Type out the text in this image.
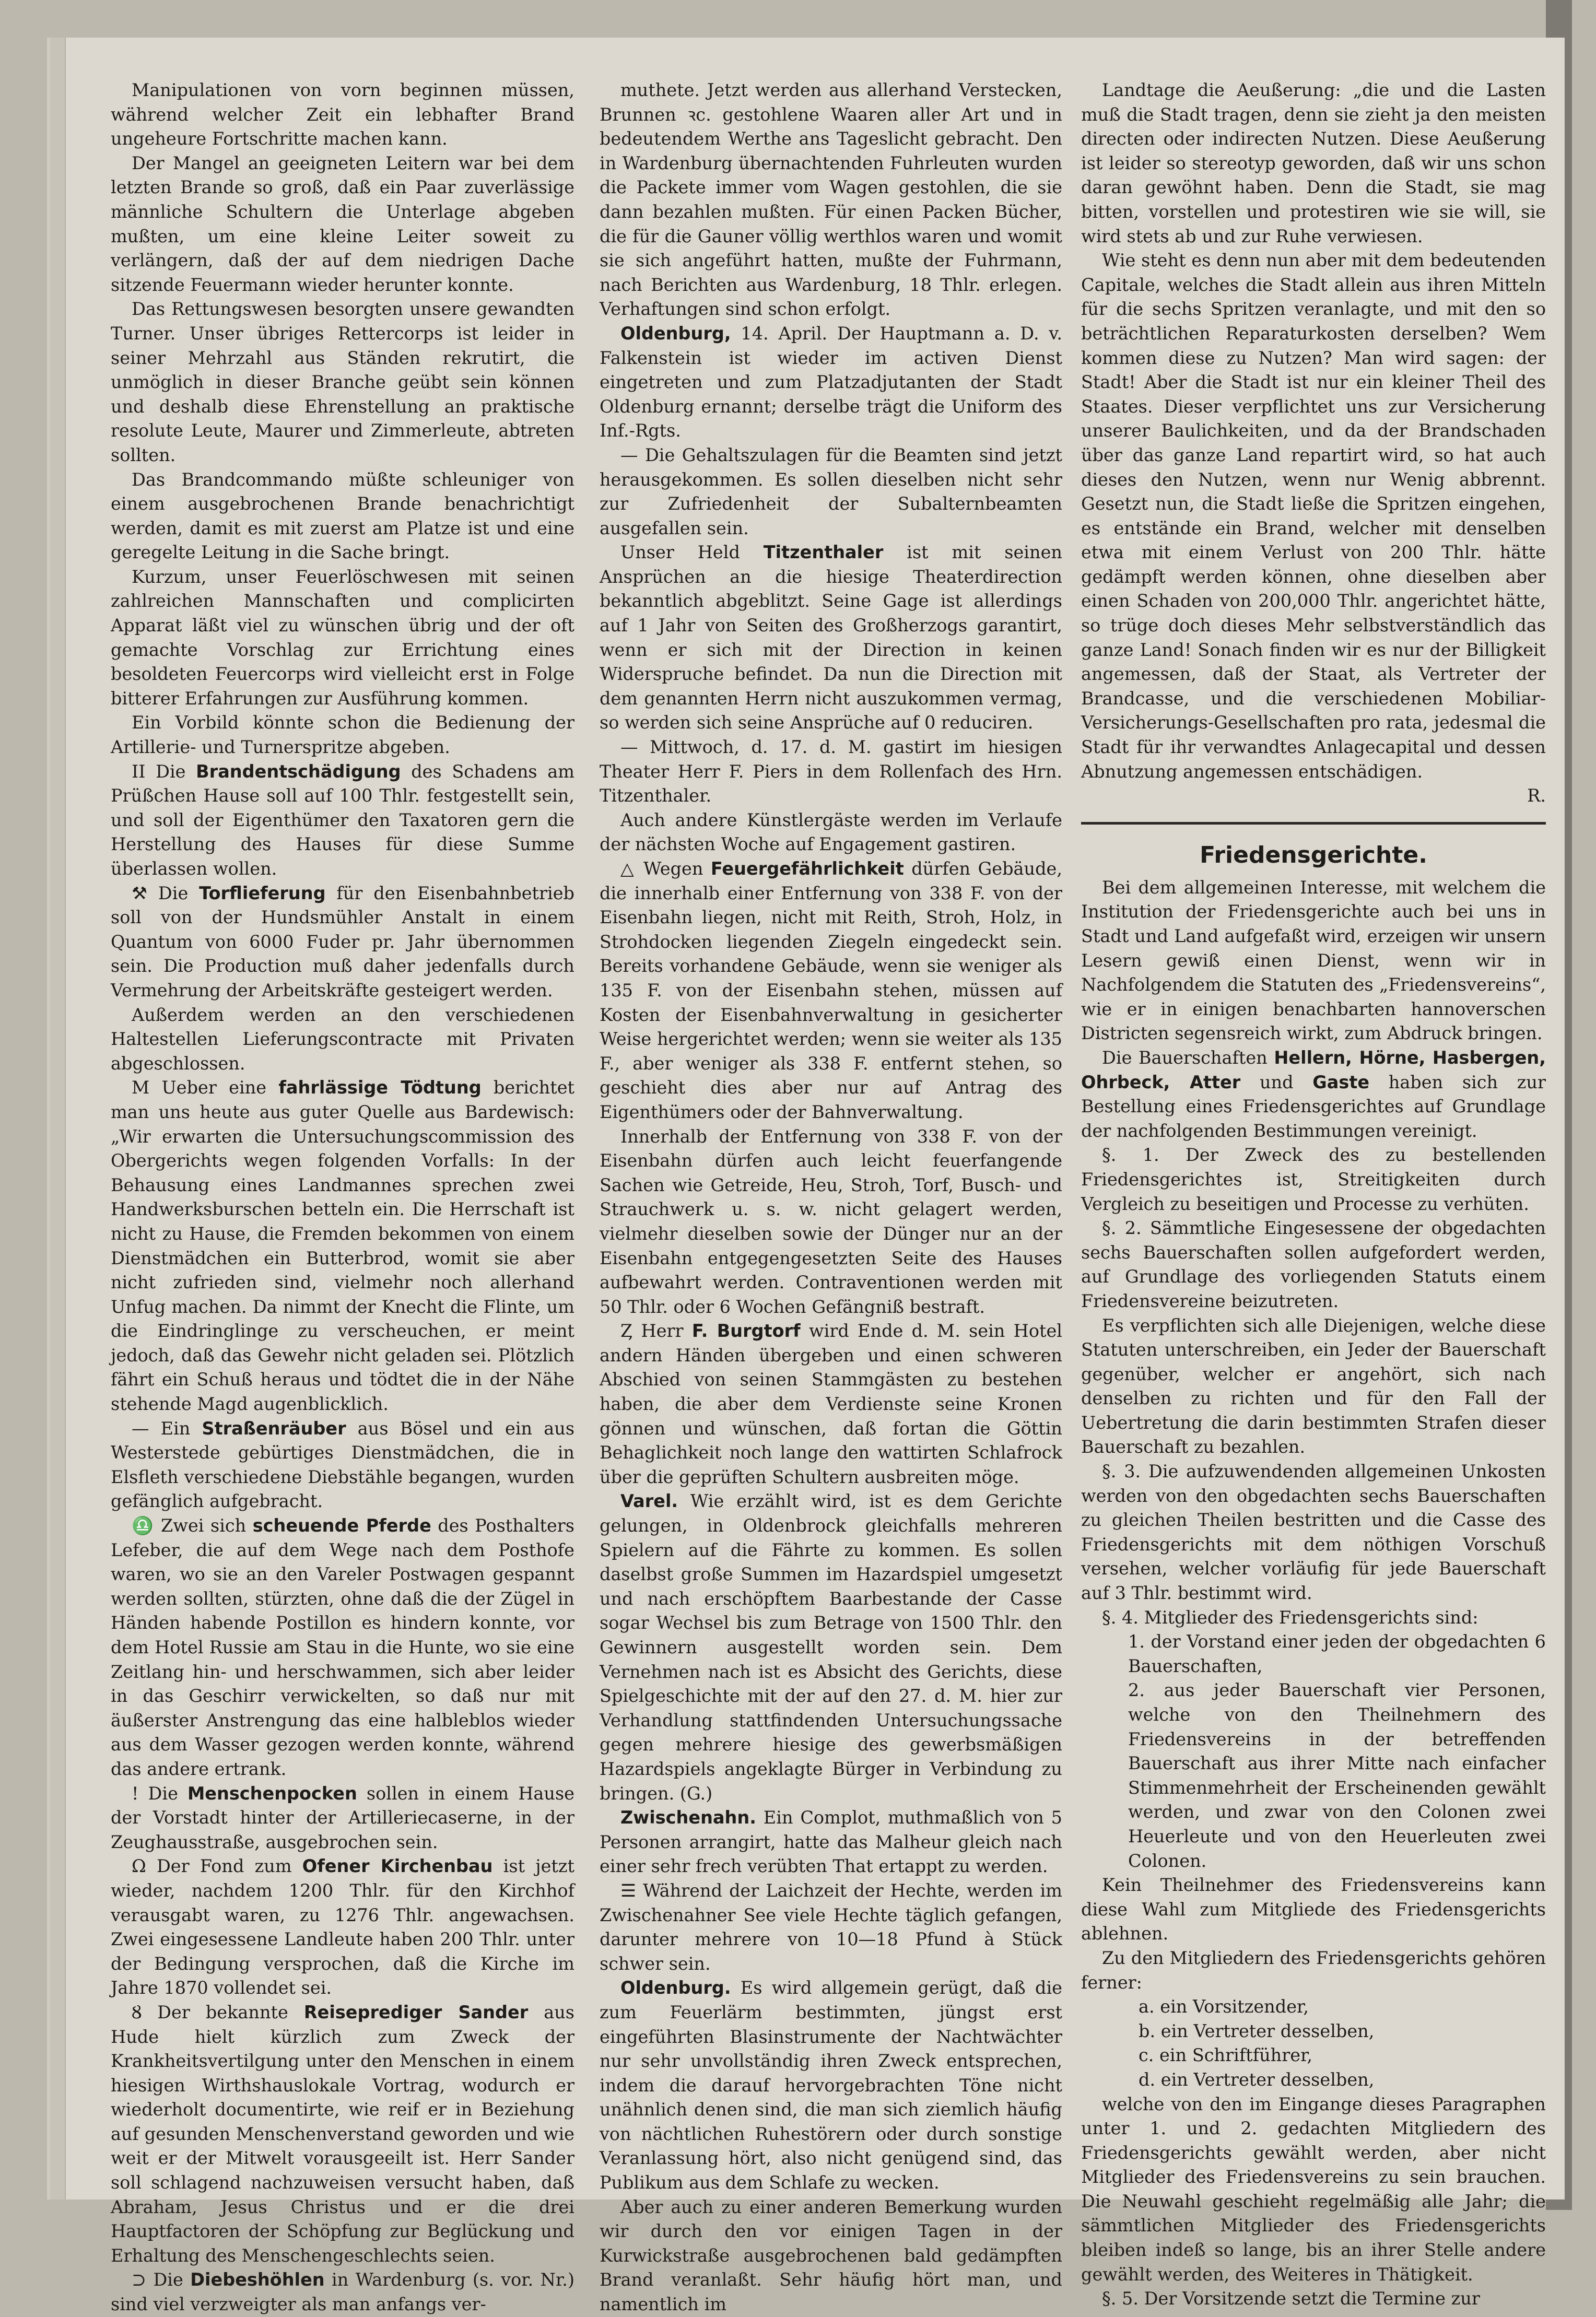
Manipulationen von vorn beginnen müssen, während welcher Zeit ein lebhafter Brand ungeheure Fortschritte machen kann.

Der Mangel an geeigneten Leitern war bei dem letzten Brande so groß, daß ein Paar zuverlässige männliche Schultern die Unterlage abgeben mußten, um eine kleine Leiter soweit zu verlängern, daß der auf dem niedrigen Dache sitzende Feuermann wieder herunter konnte.

Das Rettungswesen besorgten unsere gewandten Turner. Unser übriges Rettercorps ist leider in seiner Mehrzahl aus Ständen rekrutirt, die unmöglich in dieser Branche geübt sein können und deshalb diese Ehrenstellung an praktische resolute Leute, Maurer und Zimmerleute, abtreten sollten.

Das Brandcommando müßte schleuniger von einem ausgebrochenen Brande benachrichtigt werden, damit es mit zuerst am Platze ist und eine geregelte Leitung in die Sache bringt.

Kurzum, unser Feuerlöschwesen mit seinen zahlreichen Mannschaften und complicirten Apparat läßt viel zu wünschen übrig und der oft gemachte Vorschlag zur Errichtung eines besoldeten Feuercorps wird vielleicht erst in Folge bitterer Erfahrungen zur Ausführung kommen.

Ein Vorbild könnte schon die Bedienung der Artillerie- und Turnerspritze abgeben.

II Die Brandentschädigung des Schadens am Prüßchen Hause soll auf 100 Thlr. festgestellt sein, und soll der Eigenthümer den Taxatoren gern die Herstellung des Hauses für diese Summe überlassen wollen.

⚒ Die Torflieferung für den Eisenbahnbetrieb soll von der Hundsmühler Anstalt in einem Quantum von 6000 Fuder pr. Jahr übernommen sein. Die Production muß daher jedenfalls durch Vermehrung der Arbeitskräfte gesteigert werden.

Außerdem werden an den verschiedenen Haltestellen Lieferungscontracte mit Privaten abgeschlossen.

M Ueber eine fahrlässige Tödtung berichtet man uns heute aus guter Quelle aus Bardewisch: „Wir erwarten die Untersuchungscommission des Obergerichts wegen folgenden Vorfalls: In der Behausung eines Landmannes sprechen zwei Handwerksburschen betteln ein. Die Herrschaft ist nicht zu Hause, die Fremden bekommen von einem Dienstmädchen ein Butterbrod, womit sie aber nicht zufrieden sind, vielmehr noch allerhand Unfug machen. Da nimmt der Knecht die Flinte, um die Eindringlinge zu verscheuchen, er meint jedoch, daß das Gewehr nicht geladen sei. Plötzlich fährt ein Schuß heraus und tödtet die in der Nähe stehende Magd augenblicklich.

— Ein Straßenräuber aus Bösel und ein aus Westerstede gebürtiges Dienstmädchen, die in Elsfleth verschiedene Diebstähle begangen, wurden gefänglich aufgebracht.

♎ Zwei sich scheuende Pferde des Posthalters Lefeber, die auf dem Wege nach dem Posthofe waren, wo sie an den Vareler Postwagen gespannt werden sollten, stürzten, ohne daß die der Zügel in Händen habende Postillon es hindern konnte, vor dem Hotel Russie am Stau in die Hunte, wo sie eine Zeitlang hin- und herschwammen, sich aber leider in das Geschirr verwickelten, so daß nur mit äußerster Anstrengung das eine halbleblos wieder aus dem Wasser gezogen werden konnte, während das andere ertrank.

! Die Menschenpocken sollen in einem Hause der Vorstadt hinter der Artilleriecaserne, in der Zeughausstraße, ausgebrochen sein.

Ω Der Fond zum Ofener Kirchenbau ist jetzt wieder, nachdem 1200 Thlr. für den Kirchhof verausgabt waren, zu 1276 Thlr. angewachsen. Zwei eingesessene Landleute haben 200 Thlr. unter der Bedingung versprochen, daß die Kirche im Jahre 1870 vollendet sei.

Ȣ Der bekannte Reiseprediger Sander aus Hude hielt kürzlich zum Zweck der Krankheitsvertilgung unter den Menschen in einem hiesigen Wirthshauslokale Vortrag, wodurch er wiederholt documentirte, wie reif er in Beziehung auf gesunden Menschenverstand geworden und wie weit er der Mitwelt vorausgeeilt ist. Herr Sander soll schlagend nachzuweisen versucht haben, daß Abraham, Jesus Christus und er die drei Hauptfactoren der Schöpfung zur Beglückung und Erhaltung des Menschengeschlechts seien.

⊃ Die Diebeshöhlen in Wardenburg (s. vor. Nr.) sind viel verzweigter als man anfangs ver-

muthete. Jetzt werden aus allerhand Verstecken, Brunnen ꝛc. gestohlene Waaren aller Art und in bedeutendem Werthe ans Tageslicht gebracht. Den in Wardenburg übernachtenden Fuhrleuten wurden die Packete immer vom Wagen gestohlen, die sie dann bezahlen mußten. Für einen Packen Bücher, die für die Gauner völlig werthlos waren und womit sie sich angeführt hatten, mußte der Fuhrmann, nach Berichten aus Wardenburg, 18 Thlr. erlegen. Verhaftungen sind schon erfolgt.

Oldenburg, 14. April. Der Hauptmann a. D. v. Falkenstein ist wieder im activen Dienst eingetreten und zum Platzadjutanten der Stadt Oldenburg ernannt; derselbe trägt die Uniform des Inf.-Rgts.

— Die Gehaltszulagen für die Beamten sind jetzt herausgekommen. Es sollen dieselben nicht sehr zur Zufriedenheit der Subalternbeamten ausgefallen sein.

Unser Held Titzenthaler ist mit seinen Ansprüchen an die hiesige Theaterdirection bekanntlich abgeblitzt. Seine Gage ist allerdings auf 1 Jahr von Seiten des Großherzogs garantirt, wenn er sich mit der Direction in keinen Widerspruche befindet. Da nun die Direction mit dem genannten Herrn nicht auszukommen vermag, so werden sich seine Ansprüche auf 0 reduciren.

— Mittwoch, d. 17. d. M. gastirt im hiesigen Theater Herr F. Piers in dem Rollenfach des Hrn. Titzenthaler.

Auch andere Künstlergäste werden im Verlaufe der nächsten Woche auf Engagement gastiren.

△ Wegen Feuergefährlichkeit dürfen Gebäude, die innerhalb einer Entfernung von 338 F. von der Eisenbahn liegen, nicht mit Reith, Stroh, Holz, in Strohdocken liegenden Ziegeln eingedeckt sein. Bereits vorhandene Gebäude, wenn sie weniger als 135 F. von der Eisenbahn stehen, müssen auf Kosten der Eisenbahnverwaltung in gesicherter Weise hergerichtet werden; wenn sie weiter als 135 F., aber weniger als 338 F. entfernt stehen, so geschieht dies aber nur auf Antrag des Eigenthümers oder der Bahnverwaltung.

Innerhalb der Entfernung von 338 F. von der Eisenbahn dürfen auch leicht feuerfangende Sachen wie Getreide, Heu, Stroh, Torf, Busch- und Strauchwerk u. s. w. nicht gelagert werden, vielmehr dieselben sowie der Dünger nur an der Eisenbahn entgegengesetzten Seite des Hauses aufbewahrt werden. Contraventionen werden mit 50 Thlr. oder 6 Wochen Gefängniß bestraft.

Ȥ Herr F. Burgtorf wird Ende d. M. sein Hotel andern Händen übergeben und einen schweren Abschied von seinen Stammgästen zu bestehen haben, die aber dem Verdienste seine Kronen gönnen und wünschen, daß fortan die Göttin Behaglichkeit noch lange den wattirten Schlafrock über die geprüften Schultern ausbreiten möge.

Varel. Wie erzählt wird, ist es dem Gerichte gelungen, in Oldenbrock gleichfalls mehreren Spielern auf die Fährte zu kommen. Es sollen daselbst große Summen im Hazardspiel umgesetzt und nach erschöpftem Baarbestande der Casse sogar Wechsel bis zum Betrage von 1500 Thlr. den Gewinnern ausgestellt worden sein. Dem Vernehmen nach ist es Absicht des Gerichts, diese Spielgeschichte mit der auf den 27. d. M. hier zur Verhandlung stattfindenden Untersuchungssache gegen mehrere hiesige des gewerbsmäßigen Hazardspiels angeklagte Bürger in Verbindung zu bringen. (G.)

Zwischenahn. Ein Complot, muthmaßlich von 5 Personen arrangirt, hatte das Malheur gleich nach einer sehr frech verübten That ertappt zu werden.

☰ Während der Laichzeit der Hechte, werden im Zwischenahner See viele Hechte täglich gefangen, darunter mehrere von 10—18 Pfund à Stück schwer sein.

Oldenburg. Es wird allgemein gerügt, daß die zum Feuerlärm bestimmten, jüngst erst eingeführten Blasinstrumente der Nachtwächter nur sehr unvollständig ihren Zweck entsprechen, indem die darauf hervorgebrachten Töne nicht unähnlich denen sind, die man sich ziemlich häufig von nächtlichen Ruhestörern oder durch sonstige Veranlassung hört, also nicht genügend sind, das Publikum aus dem Schlafe zu wecken.

Aber auch zu einer anderen Bemerkung wurden wir durch den vor einigen Tagen in der Kurwickstraße ausgebrochenen bald gedämpften Brand veranlaßt. Sehr häufig hört man, und namentlich im

Landtage die Aeußerung: „die und die Lasten muß die Stadt tragen, denn sie zieht ja den meisten directen oder indirecten Nutzen. Diese Aeußerung ist leider so stereotyp geworden, daß wir uns schon daran gewöhnt haben. Denn die Stadt, sie mag bitten, vorstellen und protestiren wie sie will, sie wird stets ab und zur Ruhe verwiesen.

Wie steht es denn nun aber mit dem bedeutenden Capitale, welches die Stadt allein aus ihren Mitteln für die sechs Spritzen veranlagte, und mit den so beträchtlichen Reparaturkosten derselben? Wem kommen diese zu Nutzen? Man wird sagen: der Stadt! Aber die Stadt ist nur ein kleiner Theil des Staates. Dieser verpflichtet uns zur Versicherung unserer Baulichkeiten, und da der Brandschaden über das ganze Land repartirt wird, so hat auch dieses den Nutzen, wenn nur Wenig abbrennt. Gesetzt nun, die Stadt ließe die Spritzen eingehen, es entstände ein Brand, welcher mit denselben etwa mit einem Verlust von 200 Thlr. hätte gedämpft werden können, ohne dieselben aber einen Schaden von 200,000 Thlr. angerichtet hätte, so trüge doch dieses Mehr selbstverständlich das ganze Land! Sonach finden wir es nur der Billigkeit angemessen, daß der Staat, als Vertreter der Brandcasse, und die verschiedenen Mobiliar-Versicherungs-Gesellschaften pro rata, jedesmal die Stadt für ihr verwandtes Anlagecapital und dessen Abnutzung angemessen entschädigen.

R.

Friedensgerichte.

Bei dem allgemeinen Interesse, mit welchem die Institution der Friedensgerichte auch bei uns in Stadt und Land aufgefaßt wird, erzeigen wir unsern Lesern gewiß einen Dienst, wenn wir in Nachfolgendem die Statuten des „Friedensvereins“, wie er in einigen benachbarten hannoverschen Districten segensreich wirkt, zum Abdruck bringen.

Die Bauerschaften Hellern, Hörne, Hasbergen, Ohrbeck, Atter und Gaste haben sich zur Bestellung eines Friedensgerichtes auf Grundlage der nachfolgenden Bestimmungen vereinigt.

§. 1. Der Zweck des zu bestellenden Friedensgerichtes ist, Streitigkeiten durch Vergleich zu beseitigen und Processe zu verhüten.

§. 2. Sämmtliche Eingesessene der obgedachten sechs Bauerschaften sollen aufgefordert werden, auf Grundlage des vorliegenden Statuts einem Friedensvereine beizutreten.

Es verpflichten sich alle Diejenigen, welche diese Statuten unterschreiben, ein Jeder der Bauerschaft gegenüber, welcher er angehört, sich nach denselben zu richten und für den Fall der Uebertretung die darin bestimmten Strafen dieser Bauerschaft zu bezahlen.

§. 3. Die aufzuwendenden allgemeinen Unkosten werden von den obgedachten sechs Bauerschaften zu gleichen Theilen bestritten und die Casse des Friedensgerichts mit dem nöthigen Vorschuß versehen, welcher vorläufig für jede Bauerschaft auf 3 Thlr. bestimmt wird.

§. 4. Mitglieder des Friedensgerichts sind:

1. der Vorstand einer jeden der obgedachten 6 Bauerschaften,

2. aus jeder Bauerschaft vier Personen, welche von den Theilnehmern des Friedensvereins in der betreffenden Bauerschaft aus ihrer Mitte nach einfacher Stimmenmehrheit der Erscheinenden gewählt werden, und zwar von den Colonen zwei Heuerleute und von den Heuerleuten zwei Colonen.

Kein Theilnehmer des Friedensvereins kann diese Wahl zum Mitgliede des Friedensgerichts ablehnen.

Zu den Mitgliedern des Friedensgerichts gehören ferner:

a. ein Vorsitzender,

b. ein Vertreter desselben,

c. ein Schriftführer,

d. ein Vertreter desselben,

welche von den im Eingange dieses Paragraphen unter 1. und 2. gedachten Mitgliedern des Friedensgerichts gewählt werden, aber nicht Mitglieder des Friedensvereins zu sein brauchen. Die Neuwahl geschieht regelmäßig alle Jahr; die sämmtlichen Mitglieder des Friedensgerichts bleiben indeß so lange, bis an ihrer Stelle andere gewählt werden, des Weiteres in Thätigkeit.

§. 5. Der Vorsitzende setzt die Termine zur
